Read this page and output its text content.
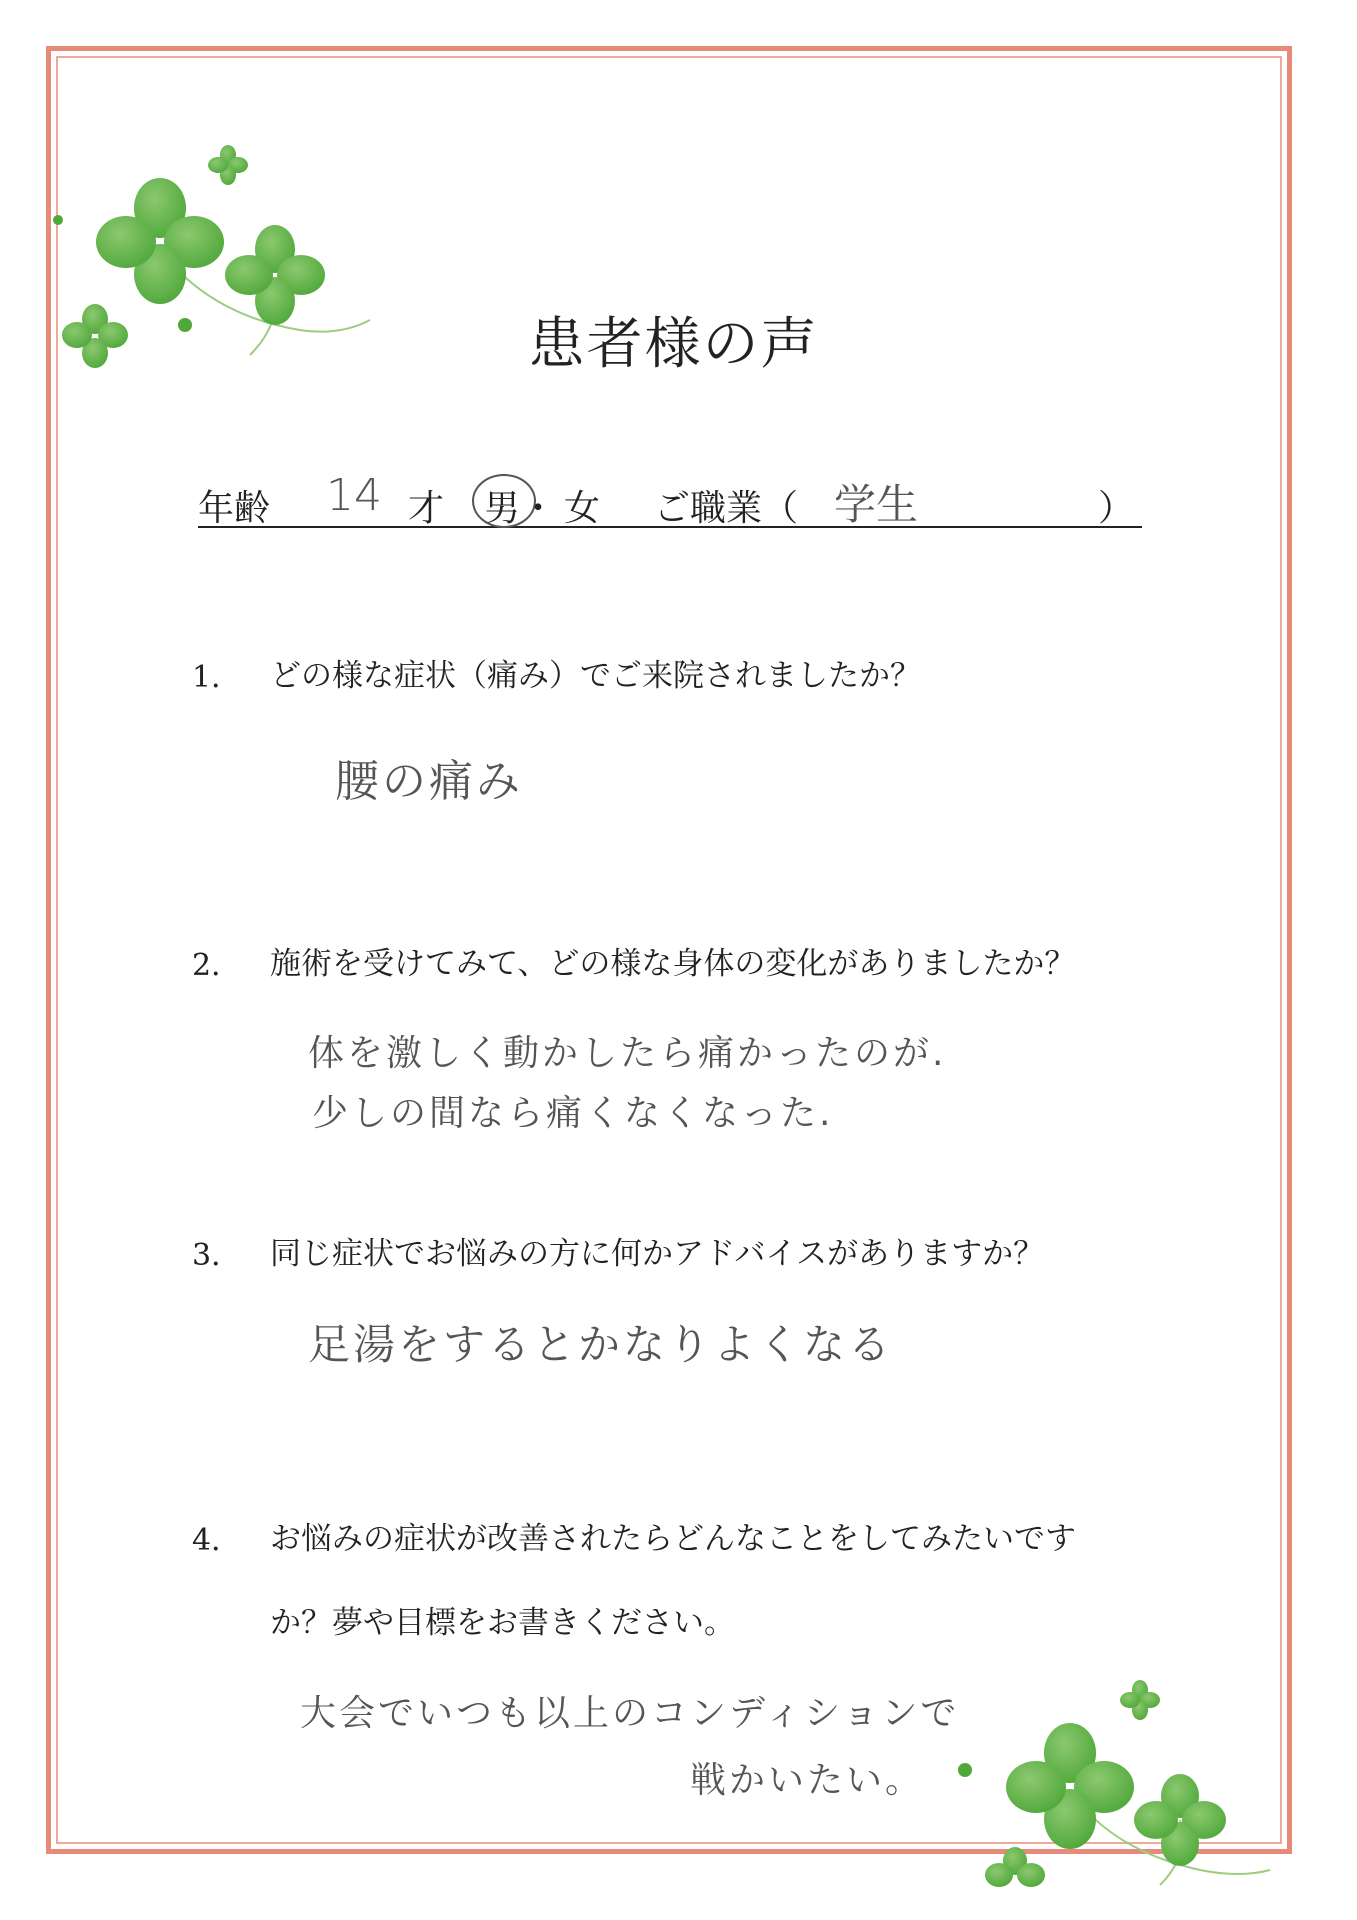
患者様の声
年齢 14 才 男 ・ 女 ご職業（ 学生	）
1． どの様な症状（痛み）でご来院されましたか？
腰の痛み
2． 施術を受けてみて、どの様な身体の変化がありましたか？
体を激しく動かしたら痛かったのが.
少しの間なら痛くなくなった.
3． 同じ症状でお悩みの方に何かアドバイスがありますか？
足湯をするとかなりよくなる
4． お悩みの症状が改善されたらどんなことをしてみたいです
か？夢や目標をお書きください。
大会でいつも以上のコンディションで
戦かいたい。
